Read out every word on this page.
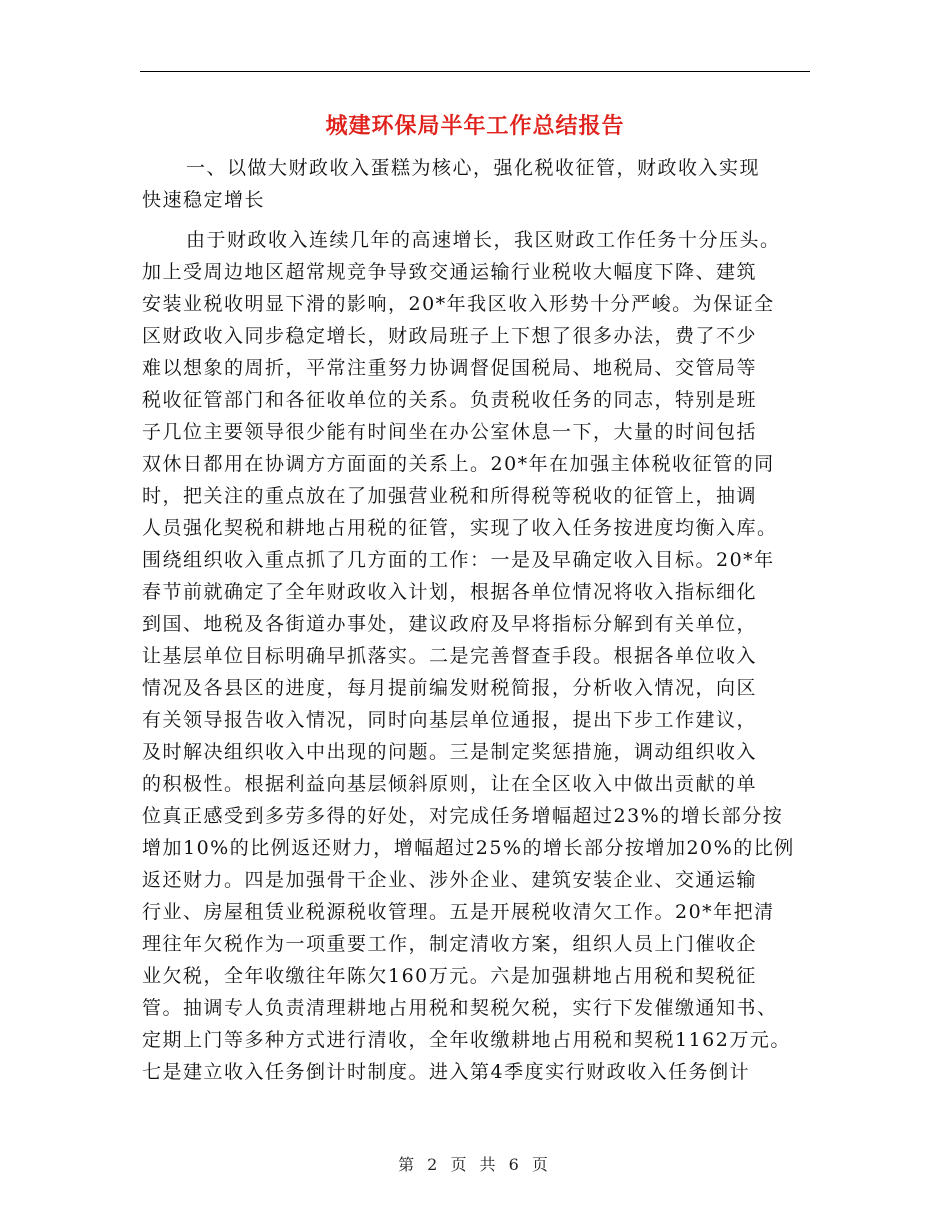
城建环保局半年工作总结报告
一、以做大财政收入蛋糕为核心，强化税收征管，财政收入实现
快速稳定增长
由于财政收入连续几年的高速增长，我区财政工作任务十分压头。
加上受周边地区超常规竞争导致交通运输行业税收大幅度下降、建筑
安装业税收明显下滑的影响，20*年我区收入形势十分严峻。为保证全
区财政收入同步稳定增长，财政局班子上下想了很多办法，费了不少
难以想象的周折，平常注重努力协调督促国税局、地税局、交管局等
税收征管部门和各征收单位的关系。负责税收任务的同志，特别是班
子几位主要领导很少能有时间坐在办公室休息一下，大量的时间包括
双休日都用在协调方方面面的关系上。20*年在加强主体税收征管的同
时，把关注的重点放在了加强营业税和所得税等税收的征管上，抽调
人员强化契税和耕地占用税的征管，实现了收入任务按进度均衡入库。
围绕组织收入重点抓了几方面的工作：一是及早确定收入目标。20*年
春节前就确定了全年财政收入计划，根据各单位情况将收入指标细化
到国、地税及各街道办事处，建议政府及早将指标分解到有关单位，
让基层单位目标明确早抓落实。二是完善督查手段。根据各单位收入
情况及各县区的进度，每月提前编发财税简报，分析收入情况，向区
有关领导报告收入情况，同时向基层单位通报，提出下步工作建议，
及时解决组织收入中出现的问题。三是制定奖惩措施，调动组织收入
的积极性。根据利益向基层倾斜原则，让在全区收入中做出贡献的单
位真正感受到多劳多得的好处，对完成任务增幅超过23%的增长部分按
增加10%的比例返还财力，增幅超过25%的增长部分按增加20%的比例
返还财力。四是加强骨干企业、涉外企业、建筑安装企业、交通运输
行业、房屋租赁业税源税收管理。五是开展税收清欠工作。20*年把清
理往年欠税作为一项重要工作，制定清收方案，组织人员上门催收企
业欠税，全年收缴往年陈欠160万元。六是加强耕地占用税和契税征
管。抽调专人负责清理耕地占用税和契税欠税，实行下发催缴通知书、
定期上门等多种方式进行清收，全年收缴耕地占用税和契税1162万元。
七是建立收入任务倒计时制度。进入第4季度实行财政收入任务倒计
第 2 页 共 6 页
